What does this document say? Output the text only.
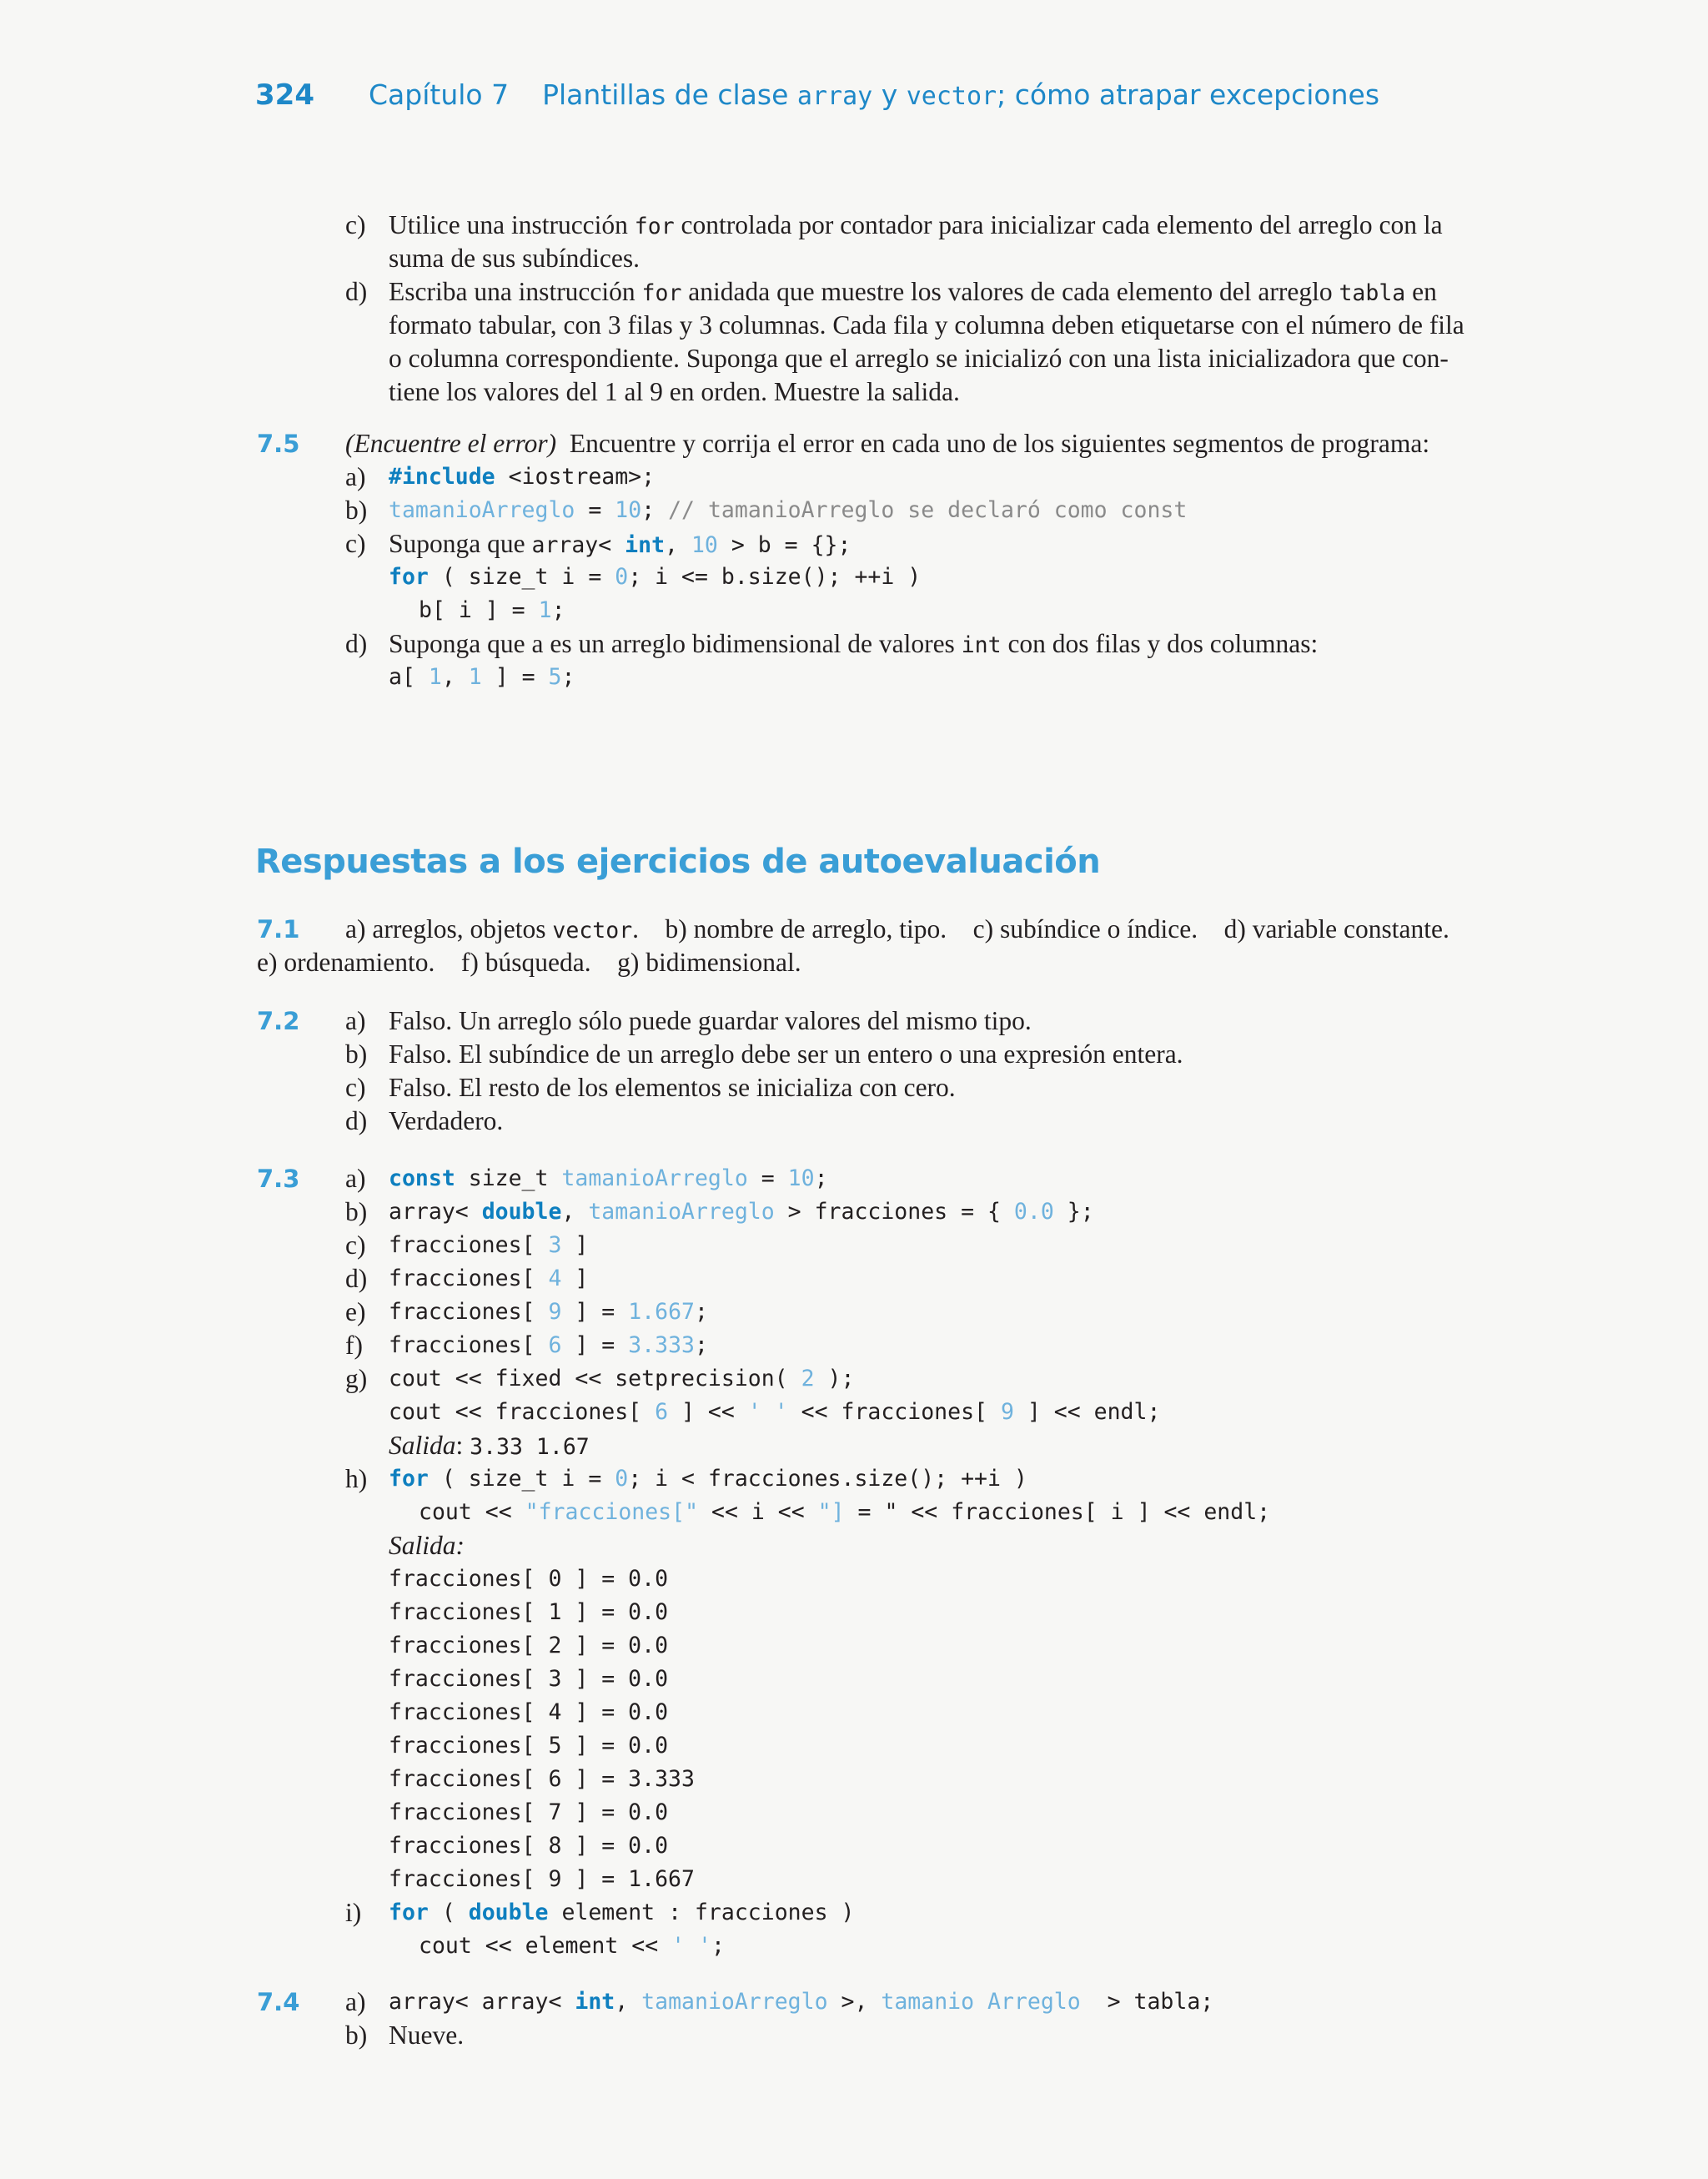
324	Capítulo 7 Plantillas de clase array y vector; cómo atrapar excepciones
c) Utilice una instrucción for controlada por contador para inicializar cada elemento del arreglo con la
suma de sus subíndices.
d) Escriba una instrucción for anidada que muestre los valores de cada elemento del arreglo tabla en
formato tabular, con 3 filas y 3 columnas. Cada fila y columna deben etiquetarse con el número de fila
o columna correspondiente. Suponga que el arreglo se inicializó con una lista inicializadora que con-
tiene los valores del 1 al 9 en orden. Muestre la salida.
7.5 (Encuentre el error)  Encuentre y corrija el error en cada uno de los siguientes segmentos de programa:
a) #include <iostream>;
b) tamanioArreglo = 10; // tamanioArreglo se declaró como const
c) Suponga que array< int, 10 > b = {};
for ( size_t i = 0; i <= b.size(); ++i )
b[ i ] = 1;
d) Suponga que a es un arreglo bidimensional de valores int con dos filas y dos columnas:
a[ 1, 1 ] = 5;
Respuestas a los ejercicios de autoevaluación
7.1 a) arreglos, objetos vector.    b) nombre de arreglo, tipo.    c) subíndice o índice.    d) variable constante.
e) ordenamiento.    f) búsqueda.    g) bidimensional.
7.2 a) Falso. Un arreglo sólo puede guardar valores del mismo tipo.
b) Falso. El subíndice de un arreglo debe ser un entero o una expresión entera.
c) Falso. El resto de los elementos se inicializa con cero.
d) Verdadero.
7.3 a) const size_t tamanioArreglo = 10;
b) array< double, tamanioArreglo > fracciones = { 0.0 };
c) fracciones[ 3 ]
d) fracciones[ 4 ]
e) fracciones[ 9 ] = 1.667;
f) fracciones[ 6 ] = 3.333;
g) cout << fixed << setprecision( 2 );
cout << fracciones[ 6 ] << ' ' << fracciones[ 9 ] << endl;
Salida: 3.33 1.67
h) for ( size_t i = 0; i < fracciones.size(); ++i )
cout << "fracciones[" << i << "] = " << fracciones[ i ] << endl;
Salida:
fracciones[ 0 ] = 0.0
fracciones[ 1 ] = 0.0
fracciones[ 2 ] = 0.0
fracciones[ 3 ] = 0.0
fracciones[ 4 ] = 0.0
fracciones[ 5 ] = 0.0
fracciones[ 6 ] = 3.333
fracciones[ 7 ] = 0.0
fracciones[ 8 ] = 0.0
fracciones[ 9 ] = 1.667
i) for ( double element : fracciones )
cout << element << ' ';
7.4 a) array< array< int, tamanioArreglo >, tamanio Arreglo  > tabla;
b) Nueve.
